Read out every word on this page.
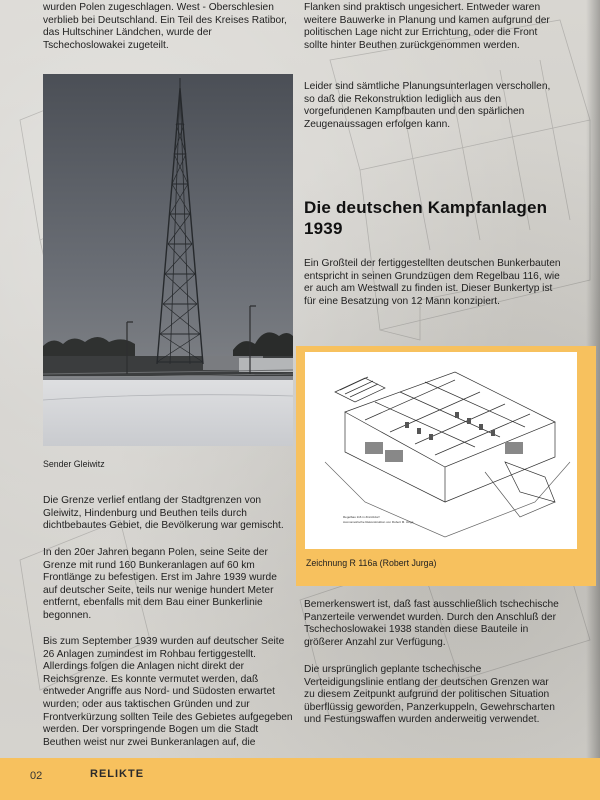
wurden Polen zugeschlagen. West - Oberschlesien verblieb bei Deutschland. Ein Teil des Kreises Ratibor, das Hultschiner Ländchen, wurde der Tschechoslowakei zugeteilt.

Sender Gleiwitz

Die Grenze verlief entlang der Stadtgrenzen von Gleiwitz, Hindenburg und Beuthen teils durch dichtbebautes Gebiet, die Bevölkerung war gemischt.

In den 20er Jahren begann Polen, seine Seite der Grenze mit rund 160 Bunkeranlagen auf 60 km Frontlänge zu befestigen. Erst im Jahre 1939 wurde auf deutscher Seite, teils nur wenige hundert Meter entfernt, ebenfalls mit dem Bau einer Bunkerlinie begonnen.

Bis zum September 1939 wurden auf deutscher Seite 26 Anlagen zumindest im Rohbau fertiggestellt. Allerdings folgen die Anlagen nicht direkt der Reichsgrenze. Es konnte vermutet werden, daß entweder Angriffe aus Nord- und Südosten erwartet wurden; oder aus taktischen Gründen und zur Frontverkürzung sollten Teile des Gebietes aufgegeben werden. Der vorspringende Bogen um die Stadt Beuthen weist nur zwei Bunkeranlagen auf, die

Flanken sind praktisch ungesichert. Entweder waren weitere Bauwerke in Planung und kamen aufgrund der politischen Lage nicht zur Errichtung, oder die Front sollte hinter Beuthen zurückgenommen werden.

Leider sind sämtliche Planungsunterlagen verschollen, so daß die Rekonstruktion lediglich aus den vorgefundenen Kampfbauten und den spärlichen Zeugenaussagen erfolgen kann.

Die deutschen Kampfanlagen 1939

Ein Großteil der fertiggestellten deutschen Bunkerbauten entspricht in seinen Grundzügen dem Regelbau 116, wie er auch am Westwall zu finden ist. Dieser Bunkertyp ist für eine Besatzung von 12 Mann konzipiert.

Regelbau 116 in Zinnitzdorf

Axonometrische Rekonstruktion von Robert M. Jurga

Zeichnung R 116a (Robert Jurga)

Bemerkenswert ist, daß fast ausschließlich tschechische Panzerteile verwendet wurden. Durch den Anschluß der Tschechoslowakei 1938 standen diese Bauteile in größerer Anzahl zur Verfügung.

Die ursprünglich geplante tschechische Verteidigungslinie entlang der deutschen Grenzen war zu diesem Zeitpunkt aufgrund der politischen Situation überflüssig geworden, Panzerkuppeln, Gewehrscharten und Festungswaffen wurden anderweitig verwendet.

02	RELIKTE
